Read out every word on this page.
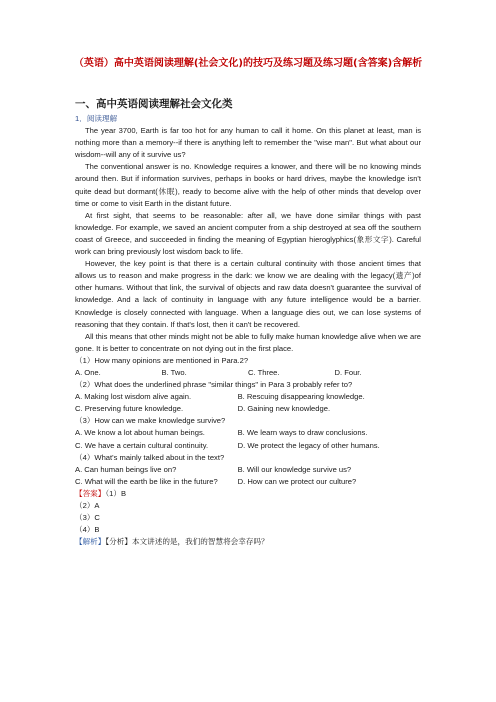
（英语）高中英语阅读理解(社会文化)的技巧及练习题及练习题(含答案)含解析
一、高中英语阅读理解社会文化类

1．阅读理解

The year 3700, Earth is far too hot for any human to call it home. On this planet at least, man is nothing more than a memory--if there is anything left to remember the "wise man". But what about our wisdom--will any of it survive us?

The conventional answer is no. Knowledge requires a knower, and there will be no knowing minds around then. But if information survives, perhaps in books or hard drives, maybe the knowledge isn't quite dead but dormant(休眠), ready to become alive with the help of other minds that develop over time or come to visit Earth in the distant future.

At first sight, that seems to be reasonable: after all, we have done similar things with past knowledge. For example, we saved an ancient computer from a ship destroyed at sea off the southern coast of Greece, and succeeded in finding the meaning of Egyptian hieroglyphics(象形文字). Careful work can bring previously lost wisdom back to life.

However, the key point is that there is a certain cultural continuity with those ancient times that allows us to reason and make progress in the dark: we know we are dealing with the legacy(遗产)of other humans. Without that link, the survival of objects and raw data doesn't guarantee the survival of knowledge. And a lack of continuity in language with any future intelligence would be a barrier. Knowledge is closely connected with language. When a language dies out, we can lose systems of reasoning that they contain. If that's lost, then it can't be recovered.

All this means that other minds might not be able to fully make human knowledge alive when we are gone. It is better to concentrate on not dying out in the first place.

（1）How many opinions are mentioned in Para.2?

A. One.	B. Two.	C. Three.	D. Four.

（2）What does the underlined phrase "similar things" in Para 3 probably refer to?

A. Making lost wisdom alive again.	B. Rescuing disappearing knowledge.
C. Preserving future knowledge.	D. Gaining new knowledge.

（3）How can we make knowledge survive?

A. We know a lot about human beings.	B. We learn ways to draw conclusions.
C. We have a certain cultural continuity.	D. We protect the legacy of other humans.

（4）What's mainly talked about in the text?

A. Can human beings live on?	B. Will our knowledge survive us?
C. What will the earth be like in the future?	D. How can we protect our culture?

【答案】（1）B

（2）A

（3）C

（4）B

【解析】【分析】本文讲述的是，我们的智慧将会幸存吗？
